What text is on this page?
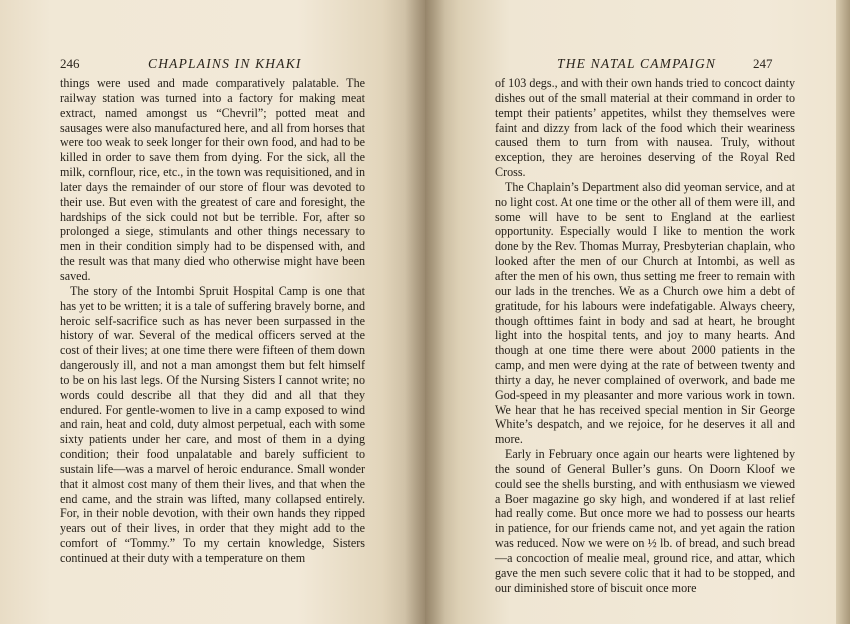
246	CHAPLAINS IN KHAKI

things were used and made comparatively palatable. The railway station was turned into a factory for making meat extract, named amongst us “Chevril”; potted meat and sausages were also manufactured here, and all from horses that were too weak to seek longer for their own food, and had to be killed in order to save them from dying. For the sick, all the milk, cornflour, rice, etc., in the town was requisitioned, and in later days the remainder of our store of flour was devoted to their use. But even with the greatest of care and foresight, the hardships of the sick could not but be terrible. For, after so prolonged a siege, stimulants and other things necessary to men in their condition simply had to be dispensed with, and the result was that many died who otherwise might have been saved.

The story of the Intombi Spruit Hospital Camp is one that has yet to be written; it is a tale of suffering bravely borne, and heroic self-sacrifice such as has never been surpassed in the history of war. Several of the medical officers served at the cost of their lives; at one time there were fifteen of them down dangerously ill, and not a man amongst them but felt himself to be on his last legs. Of the Nursing Sisters I cannot write; no words could describe all that they did and all that they endured. For gentle-women to live in a camp exposed to wind and rain, heat and cold, duty almost perpetual, each with some sixty patients under her care, and most of them in a dying condition; their food unpalatable and barely sufficient to sustain life—was a marvel of heroic endurance. Small wonder that it almost cost many of them their lives, and that when the end came, and the strain was lifted, many collapsed entirely. For, in their noble devotion, with their own hands they ripped years out of their lives, in order that they might add to the comfort of “Tommy.” To my certain knowledge, Sisters continued at their duty with a temperature on them

THE NATAL CAMPAIGN	247

of 103 degs., and with their own hands tried to concoct dainty dishes out of the small material at their command in order to tempt their patients’ appetites, whilst they themselves were faint and dizzy from lack of the food which their weariness caused them to turn from with nausea. Truly, without exception, they are heroines deserving of the Royal Red Cross.

The Chaplain’s Department also did yeoman service, and at no light cost. At one time or the other all of them were ill, and some will have to be sent to England at the earliest opportunity. Especially would I like to mention the work done by the Rev. Thomas Murray, Presbyterian chaplain, who looked after the men of our Church at Intombi, as well as after the men of his own, thus setting me freer to remain with our lads in the trenches. We as a Church owe him a debt of gratitude, for his labours were indefatigable. Always cheery, though ofttimes faint in body and sad at heart, he brought light into the hospital tents, and joy to many hearts. And though at one time there were about 2000 patients in the camp, and men were dying at the rate of between twenty and thirty a day, he never complained of overwork, and bade me God-speed in my pleasanter and more various work in town. We hear that he has received special mention in Sir George White’s despatch, and we rejoice, for he deserves it all and more.

Early in February once again our hearts were lightened by the sound of General Buller’s guns. On Doorn Kloof we could see the shells bursting, and with enthusiasm we viewed a Boer magazine go sky high, and wondered if at last relief had really come. But once more we had to possess our hearts in patience, for our friends came not, and yet again the ration was reduced. Now we were on ½ lb. of bread, and such bread—a concoction of mealie meal, ground rice, and attar, which gave the men such severe colic that it had to be stopped, and our diminished store of biscuit once more
